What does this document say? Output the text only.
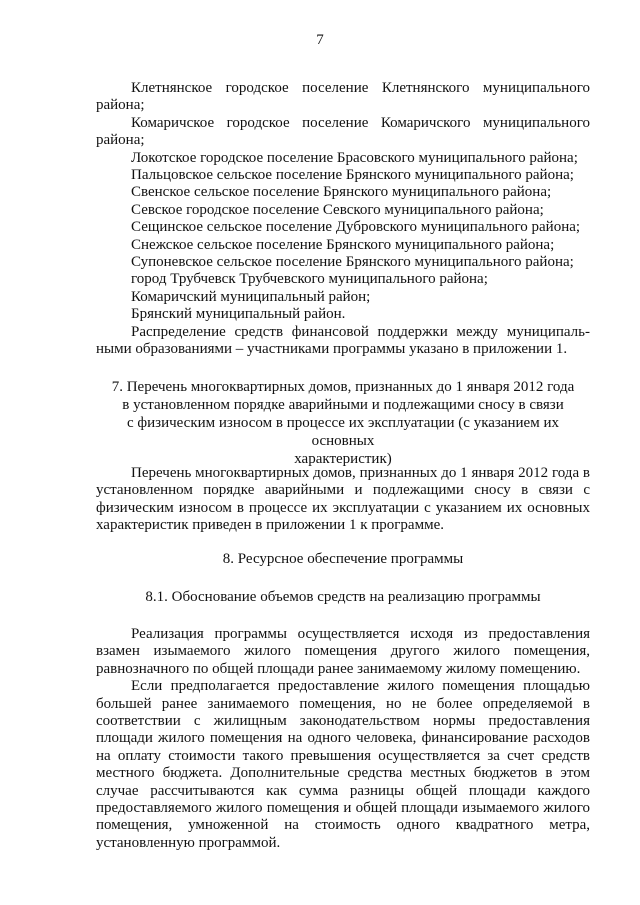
7

Клетнянское городское поселение Клетнянского муниципального

района;

Комаричское городское поселение Комаричского муниципального

района;

Локотское городское поселение Брасовского муниципального района;

Пальцовское сельское поселение Брянского муниципального района;

Свенское сельское поселение Брянского муниципального района;

Севское городское поселение Севского муниципального района;

Сещинское сельское поселение Дубровского муниципального района;

Снежское сельское поселение Брянского муниципального района;

Супоневское сельское поселение Брянского муниципального района;

город Трубчевск Трубчевского муниципального района;

Комаричский муниципальный район;

Брянский муниципальный район.

Распределение средств финансовой поддержки между муниципаль-

ными образованиями – участниками программы указано в приложении 1.

7. Перечень многоквартирных домов, признанных до 1 января 2012 года

в установленном порядке аварийными и подлежащими сносу в связи

с физическим износом в процессе их эксплуатации (с указанием их основных

характеристик)

Перечень многоквартирных домов, признанных до 1 января 2012 года в установленном порядке аварийными и подлежащими сносу в связи с физическим износом в процессе их эксплуатации с указанием их основных характеристик приведен в приложении 1 к программе.

8. Ресурсное обеспечение программы

8.1. Обоснование объемов средств на реализацию программы

Реализация программы осуществляется исходя из предоставления взамен изымаемого жилого помещения другого жилого помещения, равнозначного по общей площади ранее занимаемому жилому помещению.

Если предполагается предоставление жилого помещения площадью большей ранее занимаемого помещения, но не более определяемой в соответствии с жилищным законодательством нормы предоставления площади жилого помещения на одного человека, финансирование расходов на оплату стоимости такого превышения осуществляется за счет средств местного бюджета. Дополнительные средства местных бюджетов в этом случае рассчитываются как сумма разницы общей площади каждого предоставляемого жилого помещения и общей площади изымаемого жилого помещения, умноженной на стоимость одного квадратного метра, установленную программой.
